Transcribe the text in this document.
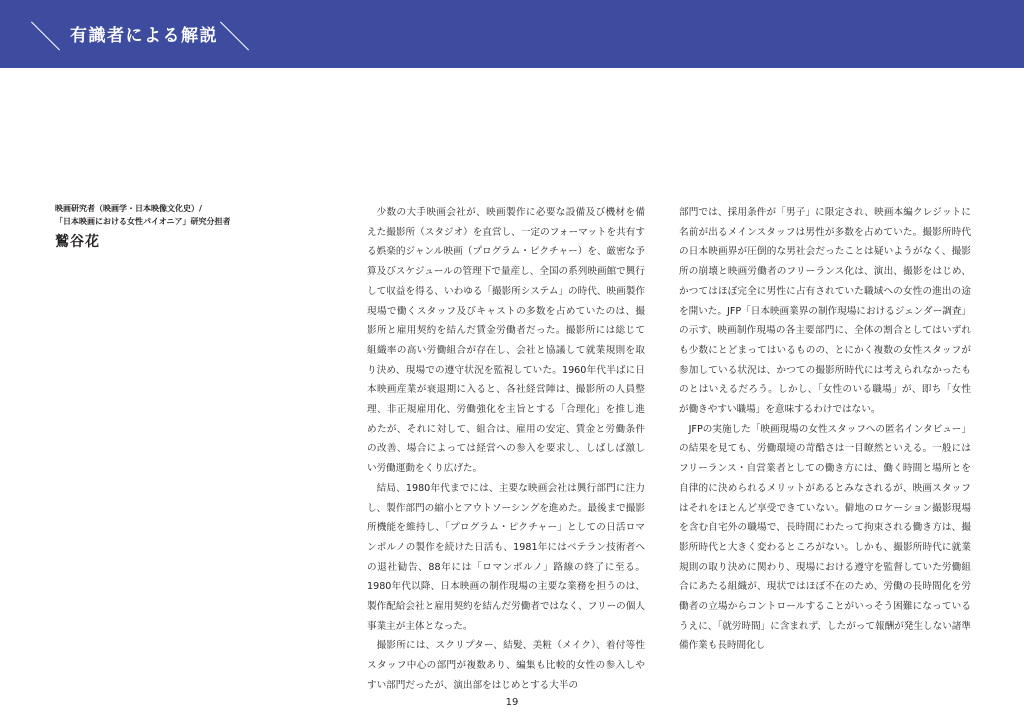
有識者による解説
映画研究者（映画学・日本映像文化史）/
「日本映画における女性パイオニア」研究分担者
鷲谷花

少数の大手映画会社が、映画製作に必要な設備及び機材を備えた撮影所（スタジオ）を直営し、一定のフォーマットを共有する娯楽的ジャンル映画（プログラム・ピクチャー）を、厳密な予算及びスケジュールの管理下で量産し、全国の系列映画館で興行して収益を得る、いわゆる「撮影所システム」の時代、映画製作現場で働くスタッフ及びキャストの多数を占めていたのは、撮影所と雇用契約を結んだ賃金労働者だった。撮影所には総じて組織率の高い労働組合が存在し、会社と協議して就業規則を取り決め、現場での遵守状況を監視していた。1960年代半ばに日本映画産業が衰退期に入ると、各社経営陣は、撮影所の人員整理、非正規雇用化、労働強化を主旨とする「合理化」を推し進めたが、それに対して、組合は、雇用の安定、賃金と労働条件の改善、場合によっては経営への参入を要求し、しばしば激しい労働運動をくり広げた。

結局、1980年代までには、主要な映画会社は興行部門に注力し、製作部門の縮小とアウトソーシングを進めた。最後まで撮影所機能を維持し、「プログラム・ピクチャー」としての日活ロマンポルノの製作を続けた日活も、1981年にはベテラン技術者への退社勧告、88年には「ロマンポルノ」路線の終了に至る。1980年代以降、日本映画の制作現場の主要な業務を担うのは、製作配給会社と雇用契約を結んだ労働者ではなく、フリーの個人事業主が主体となった。

撮影所には、スクリプター、結髪、美粧（メイク）、着付等性スタッフ中心の部門が複数あり、編集も比較的女性の参入しやすい部門だったが、演出部をはじめとする大半の

部門では、採用条件が「男子」に限定され、映画本編クレジットに名前が出るメインスタッフは男性が多数を占めていた。撮影所時代の日本映画界が圧倒的な男社会だったことは疑いようがなく、撮影所の崩壊と映画労働者のフリーランス化は、演出、撮影をはじめ、かつてはほぼ完全に男性に占有されていた職域への女性の進出の途を開いた。JFP「日本映画業界の制作現場におけるジェンダー調査」の示す、映画制作現場の各主要部門に、全体の割合としてはいずれも少数にとどまってはいるものの、とにかく複数の女性スタッフが参加している状況は、かつての撮影所時代には考えられなかったものとはいえるだろう。しかし、「女性のいる職場」が、即ち「女性が働きやすい職場」を意味するわけではない。

JFPの実施した「映画現場の女性スタッフへの匿名インタビュー」の結果を見ても、労働環境の苛酷さは一目瞭然といえる。一般にはフリーランス・自営業者としての働き方には、働く時間と場所とを自律的に決められるメリットがあるとみなされるが、映画スタッフはそれをほとんど享受できていない。僻地のロケーション撮影現場を含む自宅外の職場で、長時間にわたって拘束される働き方は、撮影所時代と大きく変わるところがない。しかも、撮影所時代に就業規則の取り決めに関わり、現場における遵守を監督していた労働組合にあたる組織が、現状ではほぼ不在のため、労働の長時間化を労働者の立場からコントロールすることがいっそう困難になっているうえに、「就労時間」に含まれず、したがって報酬が発生しない諸準備作業も長時間化し

19
